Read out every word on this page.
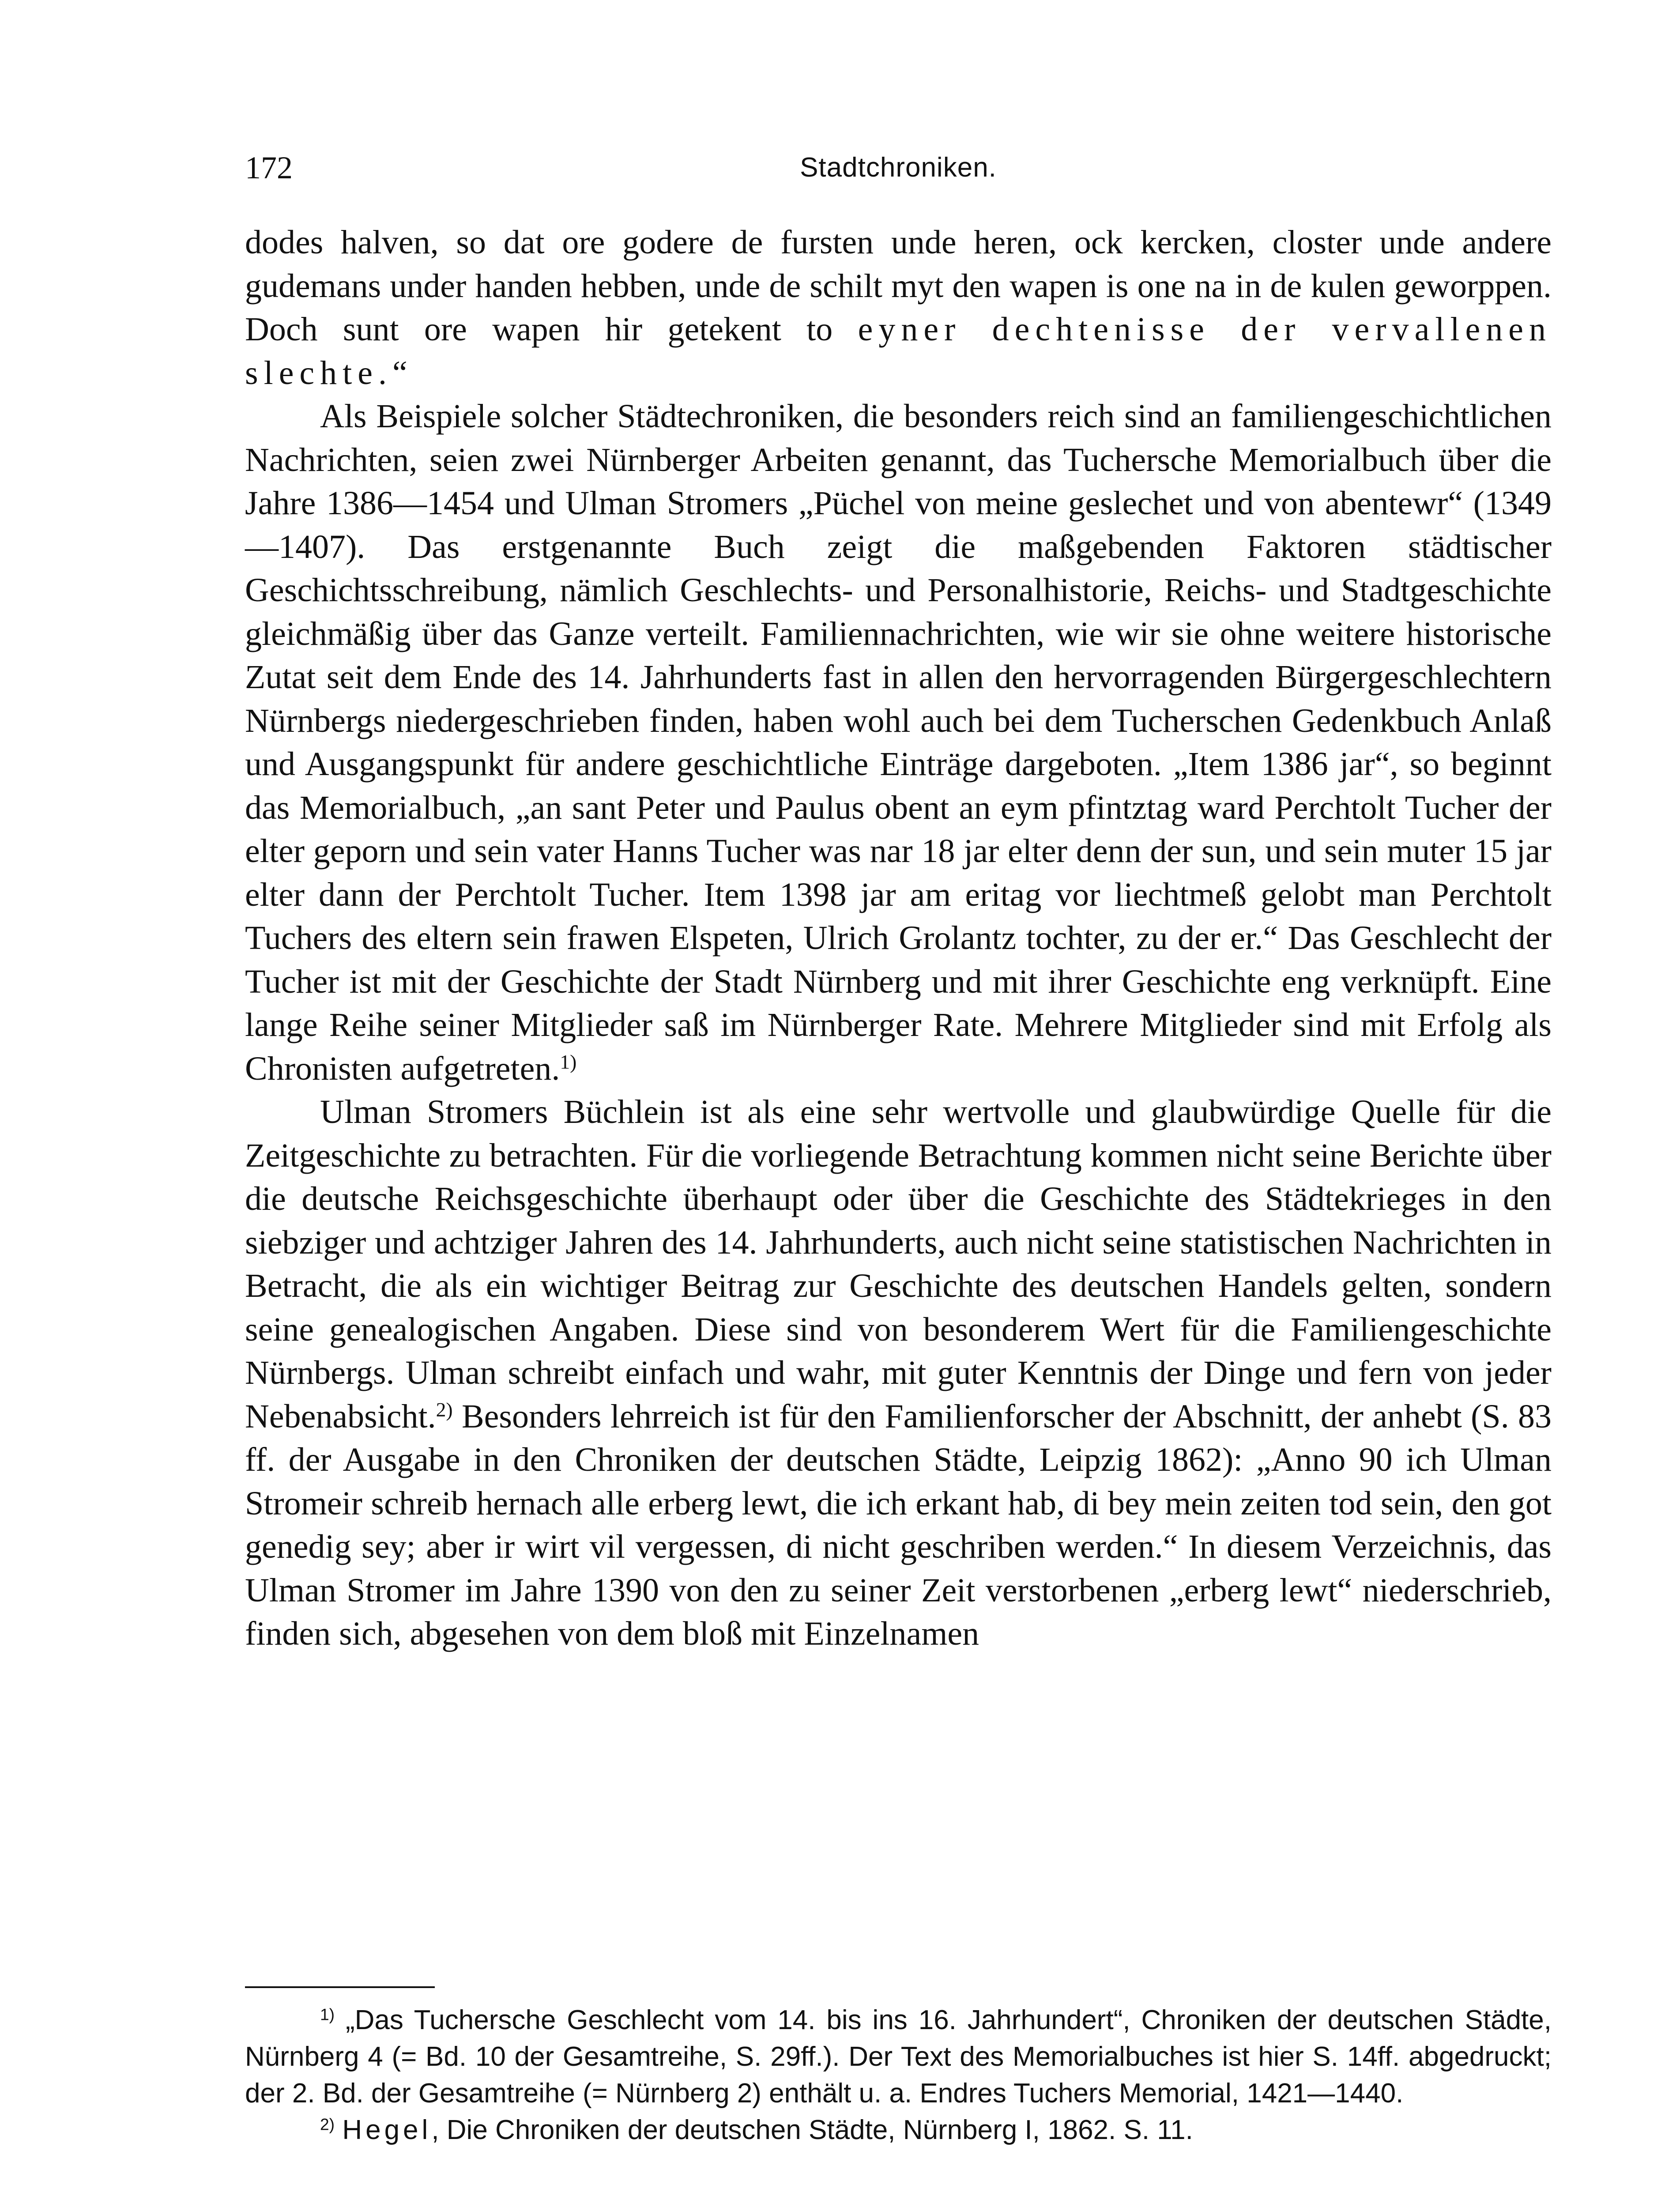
172	Stadtchroniken.

dodes halven, so dat ore godere de fursten unde heren, ock kercken, closter unde andere gudemans under handen hebben, unde de schilt myt den wapen is one na in de kulen geworppen. Doch sunt ore wapen hir getekent to eyner dechtenisse der vervallenen slechte.“

Als Beispiele solcher Städtechroniken, die besonders reich sind an familiengeschichtlichen Nachrichten, seien zwei Nürnberger Arbeiten genannt, das Tuchersche Memorialbuch über die Jahre 1386—1454 und Ulman Stromers „Püchel von meine geslechet und von abentewr“ (1349—1407). Das erstgenannte Buch zeigt die maßgebenden Faktoren städtischer Geschichtsschreibung, nämlich Geschlechts- und Personalhistorie, Reichs- und Stadtgeschichte gleichmäßig über das Ganze verteilt. Familiennachrichten, wie wir sie ohne weitere historische Zutat seit dem Ende des 14. Jahrhunderts fast in allen den hervorragenden Bürgergeschlechtern Nürnbergs niedergeschrieben finden, haben wohl auch bei dem Tucherschen Gedenkbuch Anlaß und Ausgangspunkt für andere geschichtliche Einträge dargeboten. „Item 1386 jar“, so beginnt das Memorialbuch, „an sant Peter und Paulus obent an eym pfintztag ward Perchtolt Tucher der elter geporn und sein vater Hanns Tucher was nar 18 jar elter denn der sun, und sein muter 15 jar elter dann der Perchtolt Tucher. Item 1398 jar am eritag vor liechtmeß gelobt man Perchtolt Tuchers des eltern sein frawen Elspeten, Ulrich Grolantz tochter, zu der er.“ Das Geschlecht der Tucher ist mit der Geschichte der Stadt Nürnberg und mit ihrer Geschichte eng verknüpft. Eine lange Reihe seiner Mitglieder saß im Nürnberger Rate. Mehrere Mitglieder sind mit Erfolg als Chronisten aufgetreten.$^{1)}$

Ulman Stromers Büchlein ist als eine sehr wertvolle und glaubwürdige Quelle für die Zeitgeschichte zu betrachten. Für die vorliegende Betrachtung kommen nicht seine Berichte über die deutsche Reichsgeschichte überhaupt oder über die Geschichte des Städtekrieges in den siebziger und achtziger Jahren des 14. Jahrhunderts, auch nicht seine statistischen Nachrichten in Betracht, die als ein wichtiger Beitrag zur Geschichte des deutschen Handels gelten, sondern seine genealogischen Angaben. Diese sind von besonderem Wert für die Familiengeschichte Nürnbergs. Ulman schreibt einfach und wahr, mit guter Kenntnis der Dinge und fern von jeder Nebenabsicht.$^{2)}$ Besonders lehrreich ist für den Familienforscher der Abschnitt, der anhebt (S. 83 ff. der Ausgabe in den Chroniken der deutschen Städte, Leipzig 1862): „Anno 90 ich Ulman Stromeir schreib hernach alle erberg lewt, die ich erkant hab, di bey mein zeiten tod sein, den got genedig sey; aber ir wirt vil vergessen, di nicht geschriben werden.“ In diesem Verzeichnis, das Ulman Stromer im Jahre 1390 von den zu seiner Zeit verstorbenen „erberg lewt“ niederschrieb, finden sich, abgesehen von dem bloß mit Einzelnamen

$^{1)}$ „Das Tuchersche Geschlecht vom 14. bis ins 16. Jahrhundert“, Chroniken der deutschen Städte, Nürnberg 4 (= Bd. 10 der Gesamtreihe, S. 29ff.). Der Text des Memorialbuches ist hier S. 14ff. abgedruckt; der 2. Bd. der Gesamtreihe (= Nürnberg 2) enthält u. a. Endres Tuchers Memorial, 1421—1440.

$^{2)}$ Hegel, Die Chroniken der deutschen Städte, Nürnberg I, 1862. S. 11.
